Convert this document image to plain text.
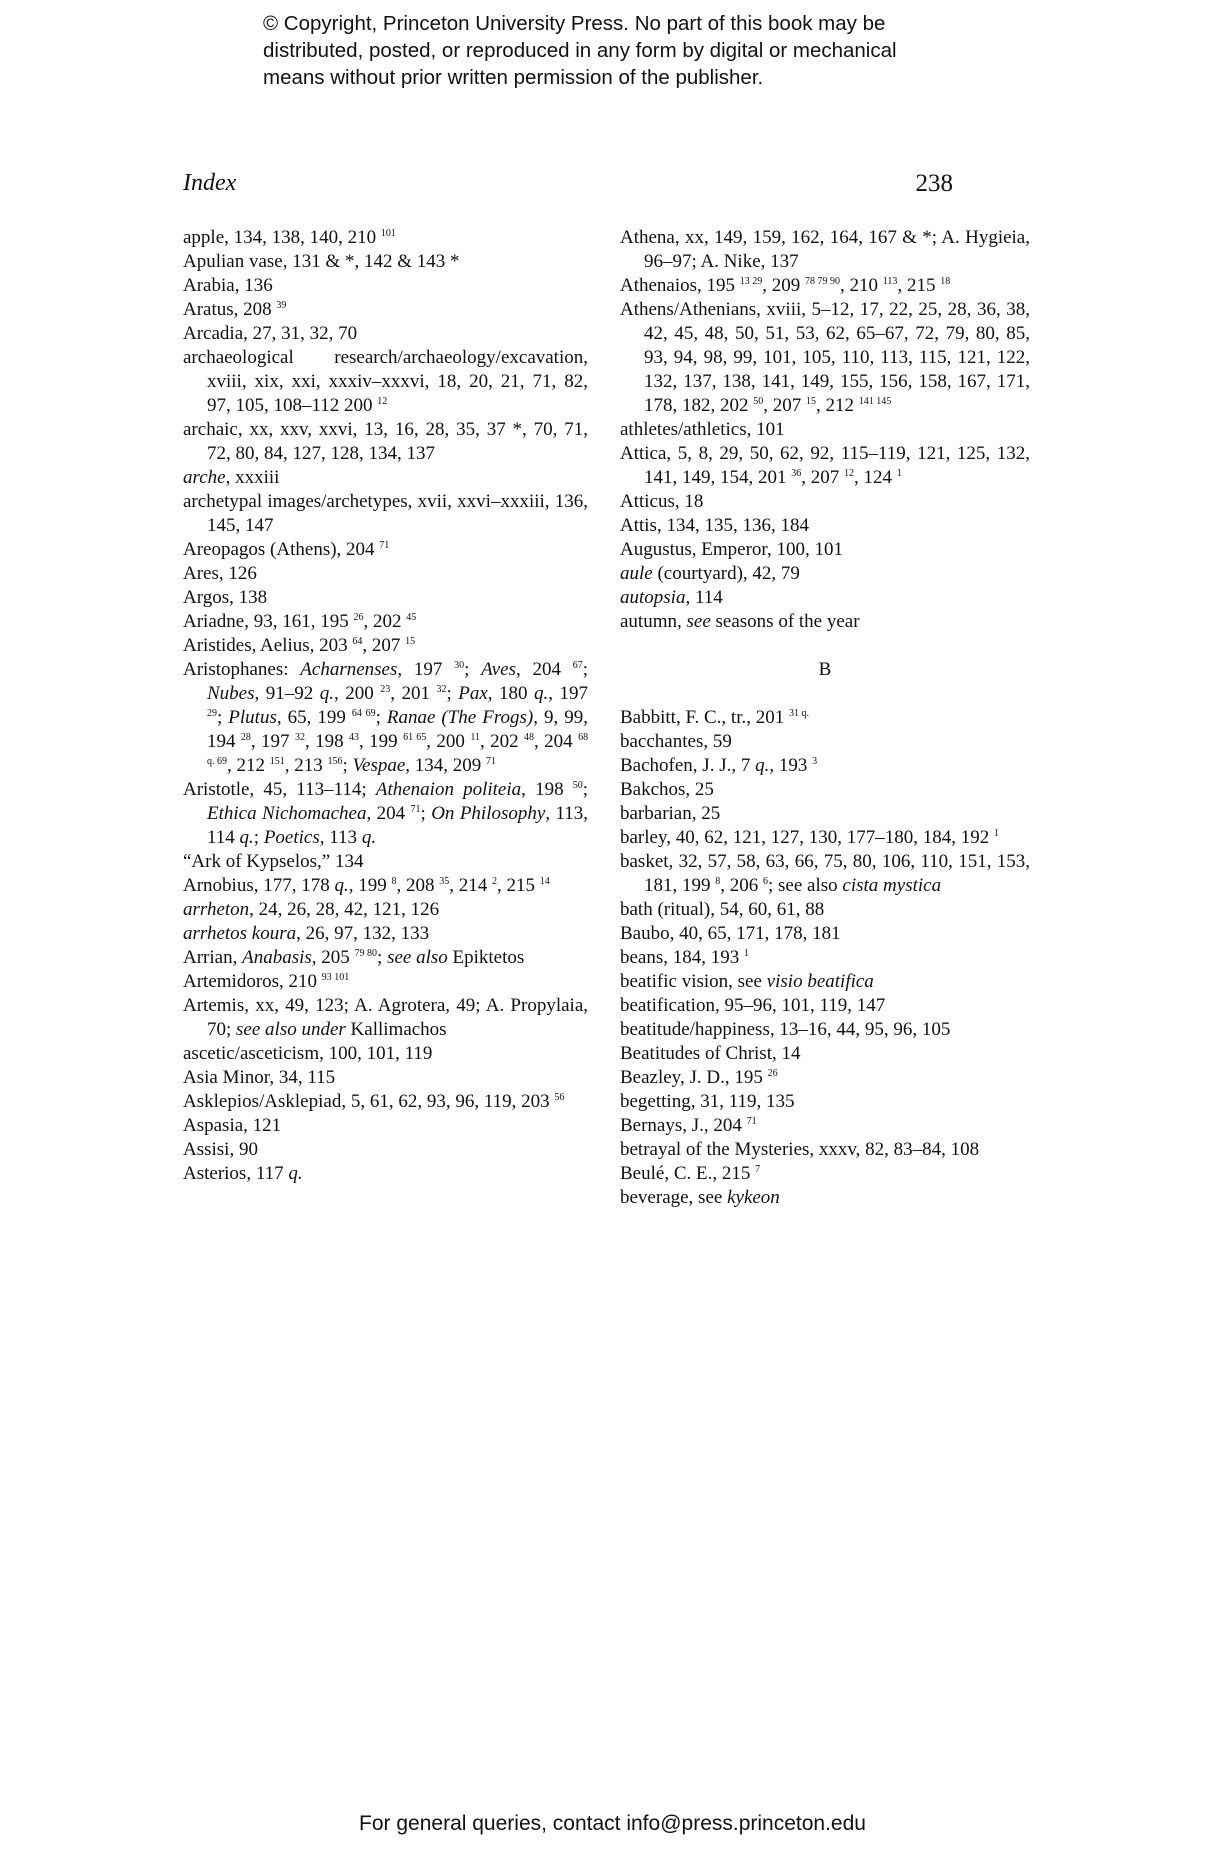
© Copyright, Princeton University Press. No part of this book may be
distributed, posted, or reproduced in any form by digital or mechanical
means without prior written permission of the publisher.
Index	238

apple, 134, 138, 140, 210 $^{101}$

Apulian vase, 131 & *, 142 & 143 *

Arabia, 136

Aratus, 208 $^{39}$

Arcadia, 27, 31, 32, 70

archaeological research/archaeology/excavation, xviii, xix, xxi, xxxiv–xxxvi, 18, 20, 21, 71, 82, 97, 105, 108–112 200 $^{12}$

archaic, xx, xxv, xxvi, 13, 16, 28, 35, 37 *, 70, 71, 72, 80, 84, 127, 128, 134, 137

arche, xxxiii

archetypal images/archetypes, xvii, xxvi–xxxiii, 136, 145, 147

Areopagos (Athens), 204 $^{71}$

Ares, 126

Argos, 138

Ariadne, 93, 161, 195 $^{26}$, 202 $^{45}$

Aristides, Aelius, 203 $^{64}$, 207 $^{15}$

Aristophanes: Acharnenses, 197 $^{30}$; Aves, 204 $^{67}$; Nubes, 91–92 q., 200 $^{23}$, 201 $^{32}$; Pax, 180 q., 197 $^{29}$; Plutus, 65, 199 $^{64 69}$; Ranae (The Frogs), 9, 99, 194 $^{28}$, 197 $^{32}$, 198 $^{43}$, 199 $^{61 65}$, 200 $^{11}$, 202 $^{48}$, 204 $^{68 q. 69}$, 212 $^{151}$, 213 $^{156}$; Vespae, 134, 209 $^{71}$

Aristotle, 45, 113–114; Athenaion politeia, 198 $^{50}$; Ethica Nichomachea, 204 $^{71}$; On Philosophy, 113, 114 q.; Poetics, 113 q.

“Ark of Kypselos,” 134

Arnobius, 177, 178 q., 199 $^8$, 208 $^{35}$, 214 $^2$, 215 $^{14}$

arrheton, 24, 26, 28, 42, 121, 126

arrhetos koura, 26, 97, 132, 133

Arrian, Anabasis, 205 $^{79 80}$; see also Epiktetos

Artemidoros, 210 $^{93 101}$

Artemis, xx, 49, 123; A. Agrotera, 49; A. Propylaia, 70; see also under Kallimachos

ascetic/asceticism, 100, 101, 119

Asia Minor, 34, 115

Asklepios/Asklepiad, 5, 61, 62, 93, 96, 119, 203 $^{56}$

Aspasia, 121

Assisi, 90

Asterios, 117 q.

Athena, xx, 149, 159, 162, 164, 167 & *; A. Hygieia, 96–97; A. Nike, 137

Athenaios, 195 $^{13 29}$, 209 $^{78 79 90}$, 210 $^{113}$, 215 $^{18}$

Athens/Athenians, xviii, 5–12, 17, 22, 25, 28, 36, 38, 42, 45, 48, 50, 51, 53, 62, 65–67, 72, 79, 80, 85, 93, 94, 98, 99, 101, 105, 110, 113, 115, 121, 122, 132, 137, 138, 141, 149, 155, 156, 158, 167, 171, 178, 182, 202 $^{50}$, 207 $^{15}$, 212 $^{141 145}$

athletes/athletics, 101

Attica, 5, 8, 29, 50, 62, 92, 115–119, 121, 125, 132, 141, 149, 154, 201 $^{36}$, 207 $^{12}$, 124 $^1$

Atticus, 18

Attis, 134, 135, 136, 184

Augustus, Emperor, 100, 101

aule (courtyard), 42, 79

autopsia, 114

autumn, see seasons of the year

B

Babbitt, F. C., tr., 201 $^{31 q.}$

bacchantes, 59

Bachofen, J. J., 7 q., 193 $^3$

Bakchos, 25

barbarian, 25

barley, 40, 62, 121, 127, 130, 177–180, 184, 192 $^1$

basket, 32, 57, 58, 63, 66, 75, 80, 106, 110, 151, 153, 181, 199 $^8$, 206 $^6$; see also cista mystica

bath (ritual), 54, 60, 61, 88

Baubo, 40, 65, 171, 178, 181

beans, 184, 193 $^1$

beatific vision, see visio beatifica

beatification, 95–96, 101, 119, 147

beatitude/happiness, 13–16, 44, 95, 96, 105

Beatitudes of Christ, 14

Beazley, J. D., 195 $^{26}$

begetting, 31, 119, 135

Bernays, J., 204 $^{71}$

betrayal of the Mysteries, xxxv, 82, 83–84, 108

Beulé, C. E., 215 $^7$

beverage, see kykeon

For general queries, contact info@press.princeton.edu
